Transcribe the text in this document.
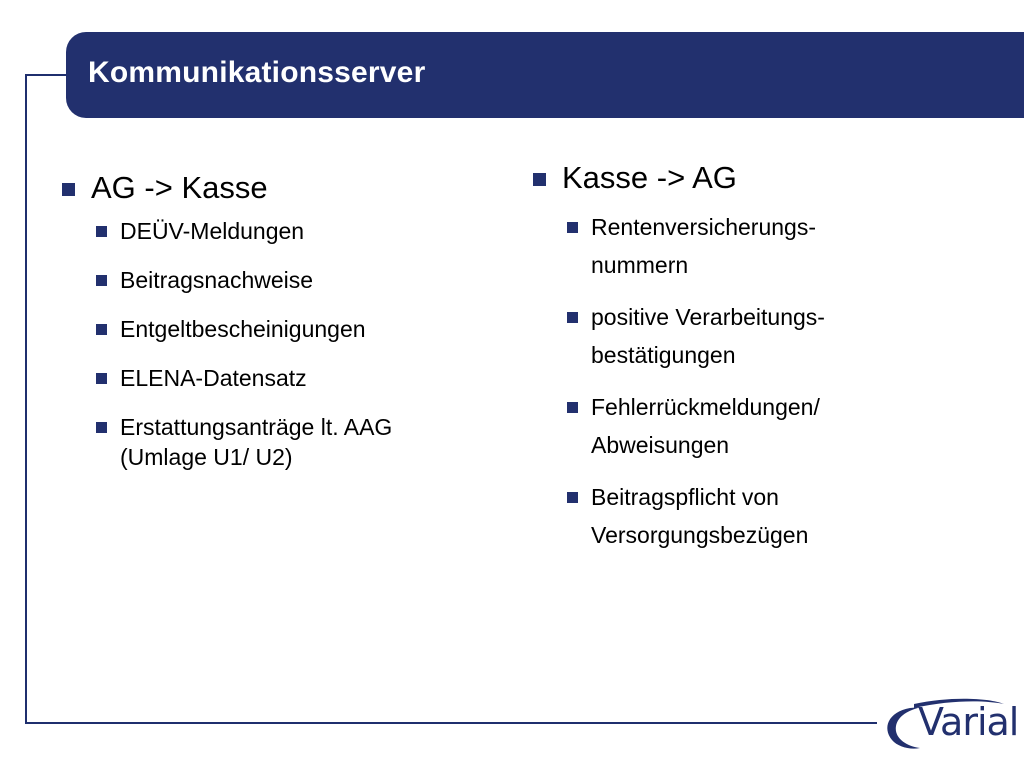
Kommunikationsserver
AG -> Kasse
DEÜV-Meldungen
Beitragsnachweise
Entgeltbescheinigungen
ELENA-Datensatz
Erstattungsanträge lt. AAG
(Umlage U1/ U2)
Kasse -> AG
Rentenversicherungs-
nummern
positive Verarbeitungs-
bestätigungen
Fehlerrückmeldungen/
Abweisungen
Beitragspflicht von
Versorgungsbezügen
Varial
